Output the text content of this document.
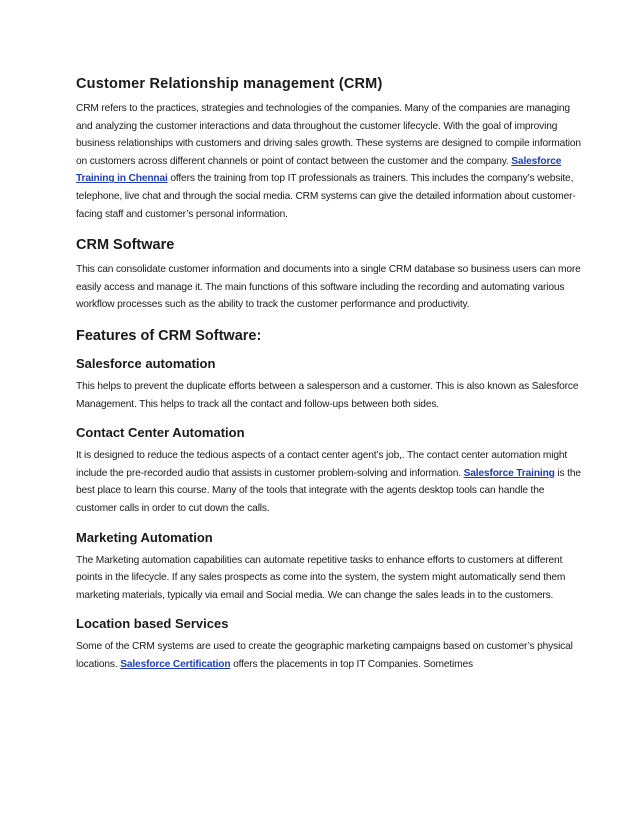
Customer Relationship management (CRM)

CRM refers to the practices, strategies and technologies of the companies. Many of the companies are managing and analyzing the customer interactions and data throughout the customer lifecycle. With the goal of improving business relationships with customers and driving sales growth. These systems are designed to compile information on customers across different channels or point of contact between the customer and the company. Salesforce Training in Chennai offers the training from top IT professionals as trainers. This includes the company’s website, telephone, live chat and through the social media. CRM systems can give the detailed information about customer-facing staff and customer’s personal information.

CRM Software

This can consolidate customer information and documents into a single CRM database so business users can more easily access and manage it. The main functions of this software including the recording and automating various workflow processes such as the ability to track the customer performance and productivity.

Features of CRM Software:
Salesforce automation

This helps to prevent the duplicate efforts between a salesperson and a customer. This is also known as Salesforce Management. This helps to track all the contact and follow-ups between both sides.

Contact Center Automation

It is designed to reduce the tedious aspects of a contact center agent’s job,. The contact center automation might include the pre-recorded audio that assists in customer problem-solving and information. Salesforce Training is the best place to learn this course. Many of the tools that integrate with the agents desktop tools can handle the customer calls in order to cut down the calls.

Marketing Automation

The Marketing automation capabilities can automate repetitive tasks to enhance efforts to customers at different points in the lifecycle. If any sales prospects as come into the system, the system might automatically send them marketing materials, typically via email and Social media. We can change the sales leads in to the customers.

Location based Services

Some of the CRM systems are used to create the geographic marketing campaigns based on customer’s physical locations. Salesforce Certification offers the placements in top IT Companies. Sometimes
